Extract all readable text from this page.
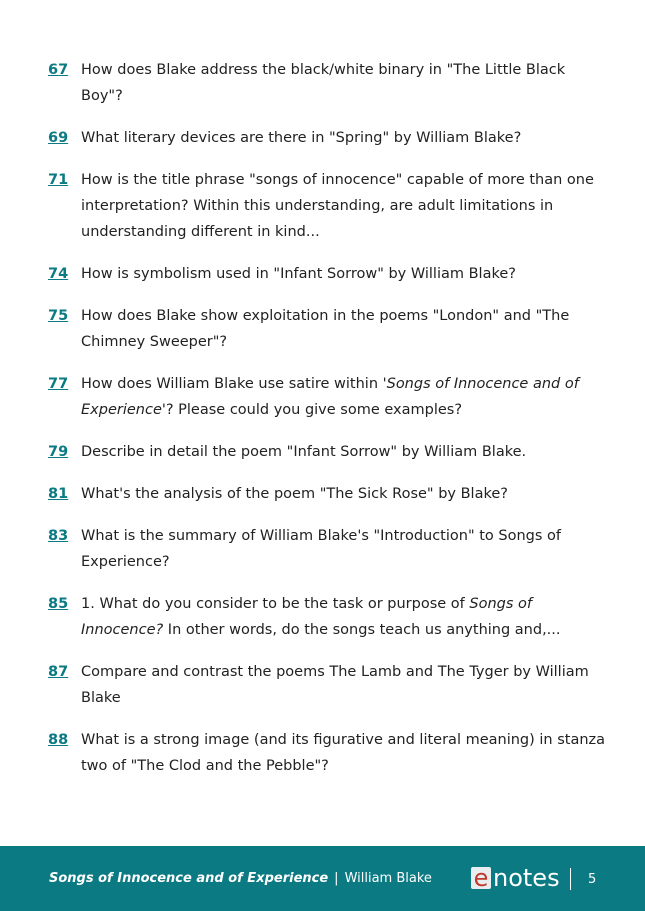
67 How does Blake address the black/white binary in "The Little Black Boy"?
69 What literary devices are there in "Spring" by William Blake?
71 How is the title phrase "songs of innocence" capable of more than one interpretation? Within this understanding, are adult limitations in understanding different in kind...
74 How is symbolism used in "Infant Sorrow" by William Blake?
75 How does Blake show exploitation in the poems "London" and "The Chimney Sweeper"?
77 How does William Blake use satire within 'Songs of Innocence and of Experience'? Please could you give some examples?
79 Describe in detail the poem "Infant Sorrow" by William Blake.
81 What's the analysis of the poem "The Sick Rose" by Blake?
83 What is the summary of William Blake's "Introduction" to Songs of Experience?
85 1. What do you consider to be the task or purpose of Songs of Innocence? In other words, do the songs teach us anything and,...
87 Compare and contrast the poems The Lamb and The Tyger by William Blake
88 What is a strong image (and its figurative and literal meaning) in stanza two of "The Clod and the Pebble"?
Songs of Innocence and of Experience | William Blake e notes 5
